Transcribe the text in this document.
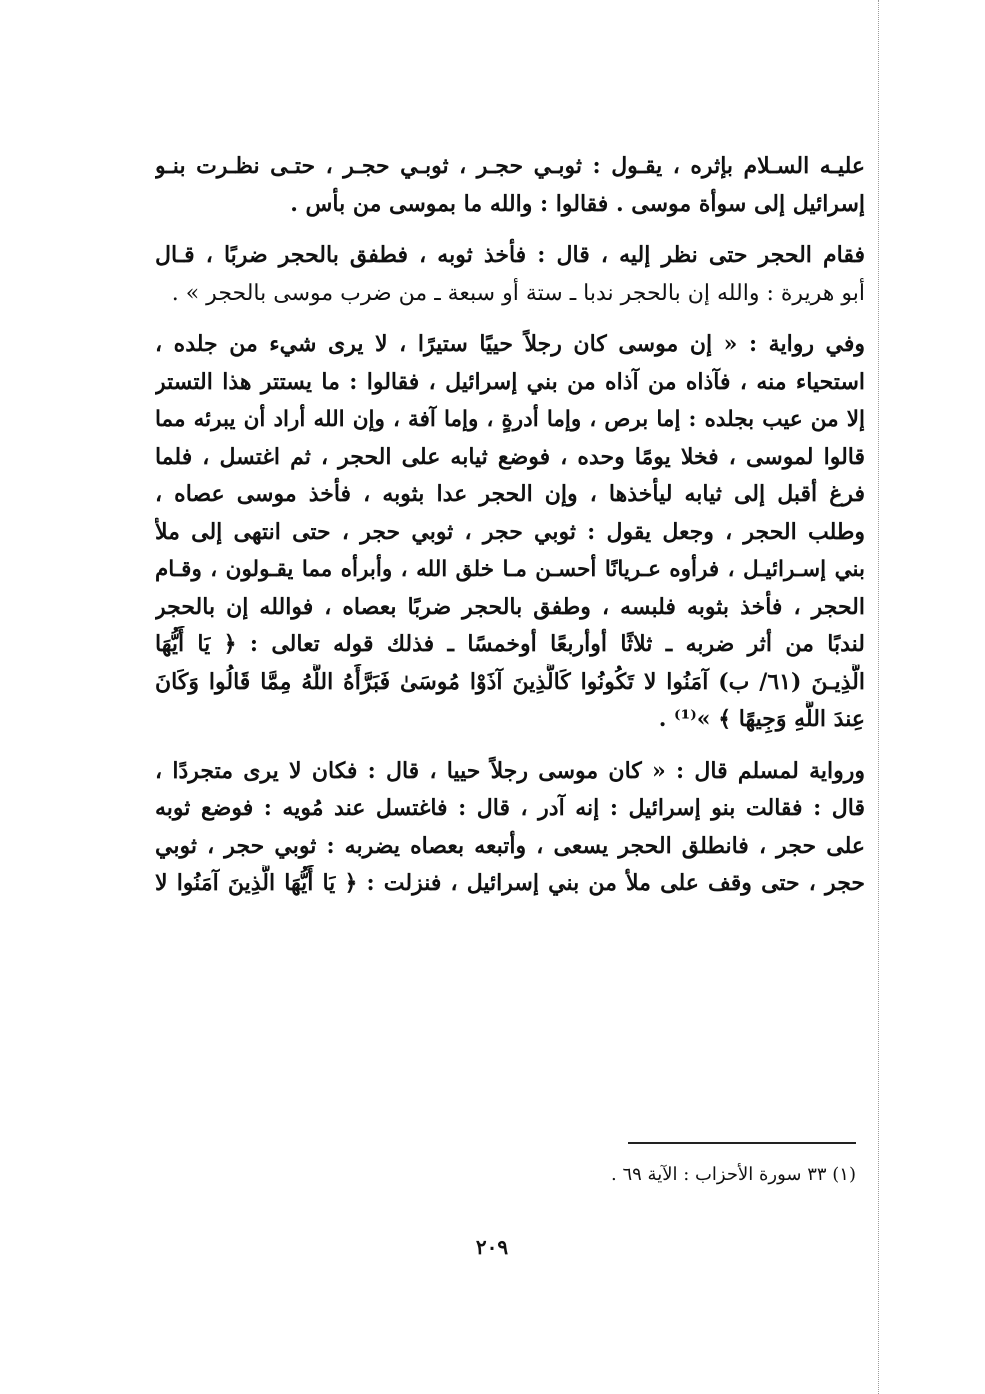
عليـه السـلام بإثره ، يقـول : ثوبـي حجـر ، ثوبـي حجـر ، حتـى نظـرت بنـو
إسرائيل إلى سوأة موسى . فقالوا : والله ما بموسى من بأس .
فقام الحجر حتى نظر إليه ، قال : فأخذ ثوبه ، فطفق بالحجر ضربًا ، قـال
أبو هريرة : والله إن بالحجر ندبا ـ ستة أو سبعة ـ من ضرب موسى بالحجر » .
وفي رواية : « إن موسى كان رجلاً حييًا ستيرًا ، لا يرى شيء من جلده ،
استحياء منه ، فآذاه من آذاه من بني إسرائيل ، فقالوا : ما يستتر هذا التستر
إلا من عيب بجلده : إما برص ، وإما أدرةٍ ، وإما آفة ، وإن الله أراد أن يبرئه مما
قالوا لموسى ، فخلا يومًا وحده ، فوضع ثيابه على الحجر ، ثم اغتسل ، فلما
فرغ أقبل إلى ثيابه ليأخذها ، وإن الحجر عدا بثوبه ، فأخذ موسى عصاه ،
وطلب الحجر ، وجعل يقول : ثوبي حجر ، ثوبي حجر ، حتى انتهى إلى ملأ
بني إسـرائيـل ، فرأوه عـريانًا أحسـن مـا خلق الله ، وأبرأه مما يقـولون ، وقـام
الحجر ، فأخذ بثوبه فلبسه ، وطفق بالحجر ضربًا بعصاه ، فوالله إن بالحجر
لندبًا من أثر ضربه ـ ثلاثًا أوأربعًا أوخمسًا ـ فذلك قوله تعالى : ﴿ يَا أَيُّهَا
الَّذِيـنَ (٦١/ ب) آمَنُوا لا تَكُونُوا كَالَّذِينَ آذَوْا مُوسَىٰ فَبَرَّأَهُ اللَّهُ مِمَّا قَالُوا وَكَانَ
عِندَ اللَّهِ وَجِيهًا ﴾ »⁽¹⁾ .
ورواية لمسلم قال : « كان موسى رجلاً حييا ، قال : فكان لا يرى متجردًا ،
قال : فقالت بنو إسرائيل : إنه آدر ، قال : فاغتسل عند مُويه : فوضع ثوبه
على حجر ، فانطلق الحجر يسعى ، وأتبعه بعصاه يضربه : ثوبي حجر ، ثوبي
حجر ، حتى وقف على ملأ من بني إسرائيل ، فنزلت : ﴿ يَا أَيُّهَا الَّذِينَ آمَنُوا لا
(١) ٣٣ سورة الأحزاب : الآية ٦٩ .
٢٠٩
